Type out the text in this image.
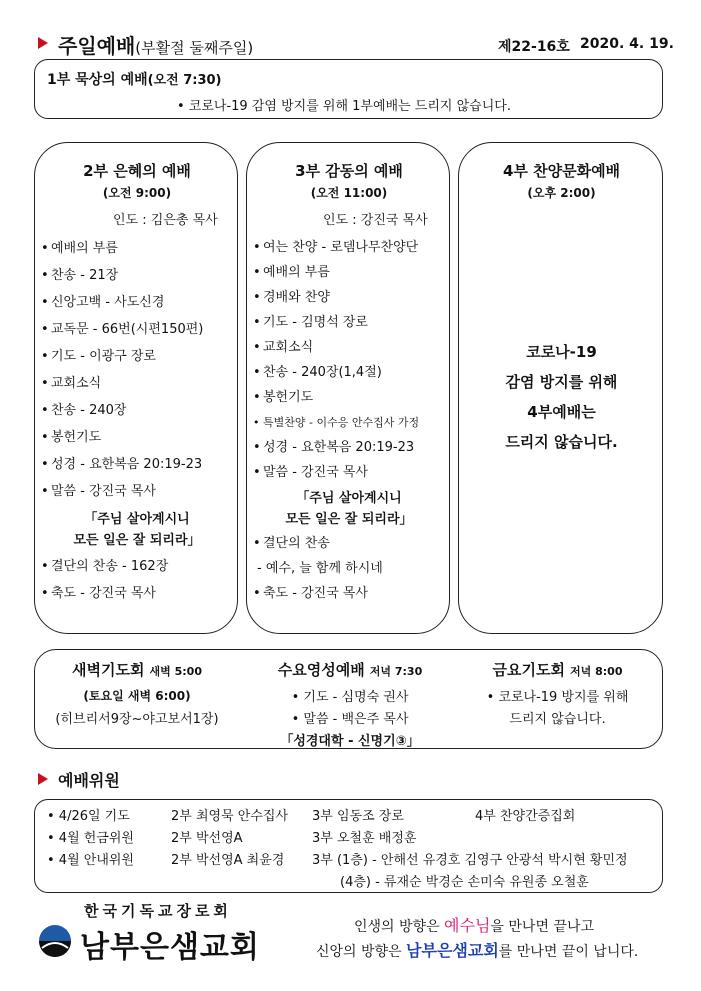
주일예배(부활절 둘째주일)	제22-16호 2020. 4. 19.
1부 묵상의 예배(오전 7:30)
• 코로나-19 감염 방지를 위해 1부예배는 드리지 않습니다.
2부 은혜의 예배
(오전 9:00)
인도 : 김은총 목사
• 예배의 부름
• 찬송 - 21장
• 신앙고백 - 사도신경
• 교독문 - 66번(시편150편)
• 기도 - 이광구 장로
• 교회소식
• 찬송 - 240장
• 봉헌기도
• 성경 - 요한복음 20:19-23
• 말씀 - 강진국 목사
「주님 살아계시니
모든 일은 잘 되리라」
• 결단의 찬송 - 162장
• 축도 - 강진국 목사
3부 감동의 예배
(오전 11:00)
인도 : 강진국 목사
• 여는 찬양 - 로뎀나무찬양단
• 예배의 부름
• 경배와 찬양
• 기도 - 김명석 장로
• 교회소식
• 찬송 - 240장(1,4절)
• 봉헌기도
• 특별찬양 - 이수응 안수집사 가정
• 성경 - 요한복음 20:19-23
• 말씀 - 강진국 목사
「주님 살아계시니
모든 일은 잘 되리라」
• 결단의 찬송
- 예수, 늘 함께 하시네
• 축도 - 강진국 목사
4부 찬양문화예배
(오후 2:00)
코로나-19
감염 방지를 위해
4부예배는
드리지 않습니다.
새벽기도회 새벽 5:00
(토요일 새벽 6:00)
(히브리서9장~야고보서1장)
수요영성예배 저녁 7:30
• 기도 - 심명숙 권사
• 말씀 - 백은주 목사
「성경대학 - 신명기③」
금요기도회 저녁 8:00
• 코로나-19 방지를 위해
드리지 않습니다.
예배위원
• 4/26일 기도	2부 최영묵 안수집사 3부 임동조 장로	4부 찬양간증집회
• 4월 헌금위원	2부 박선영A	3부 오철훈 배정훈
• 4월 안내위원	2부 박선영A 최윤경 3부 (1층) - 안해선 유경호 김영구 안광석 박시현 황민정
(4층) - 류재순 박경순 손미숙 유원종 오철훈
한국기독교장로회
남부은샘교회
인생의 방향은 예수님을 만나면 끝나고
신앙의 방향은 남부은샘교회를 만나면 끝이 납니다.
